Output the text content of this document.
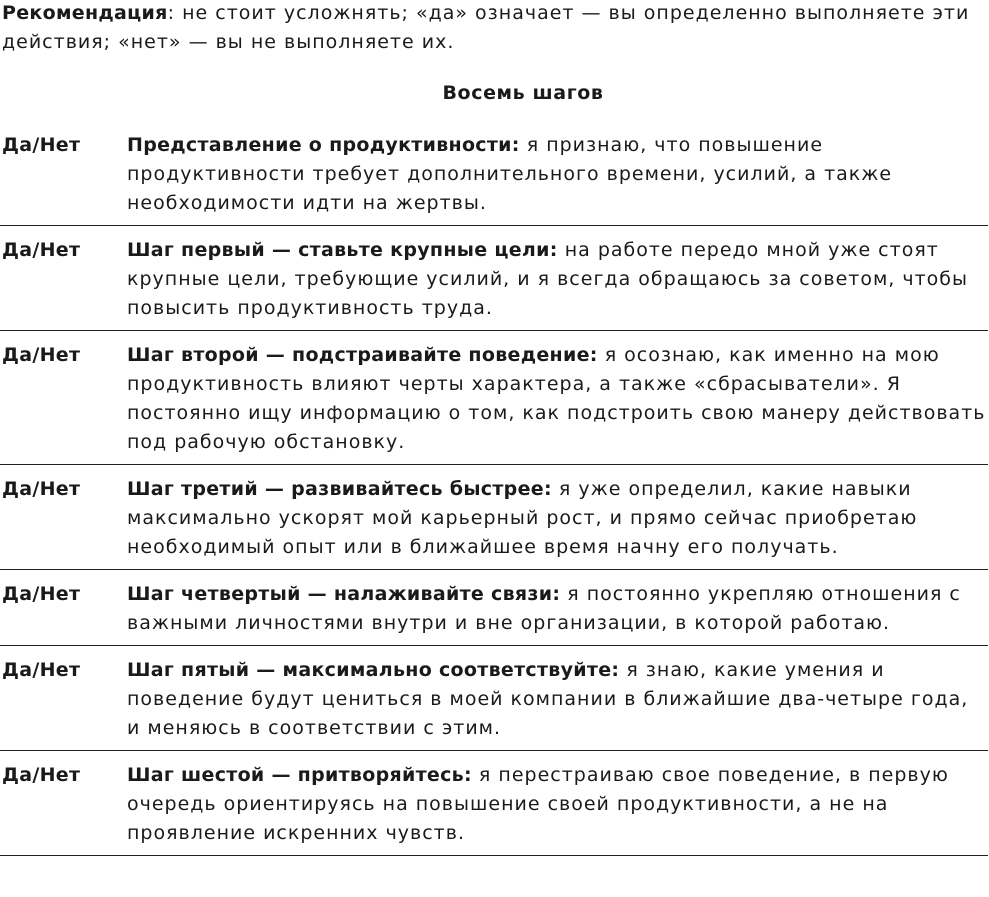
Рекомендация: не стоит усложнять; «да» означает — вы определенно выполняете эти действия; «нет» — вы не выполняете их.
Восемь шагов
Да/Нет	Представление о продуктивности: я признаю, что повышение продуктивности требует дополнительного времени, усилий, а также необходимости идти на жертвы.
Да/Нет	Шаг первый — ставьте крупные цели: на работе передо мной уже стоят крупные цели, требующие усилий, и я всегда обращаюсь за советом, чтобы повысить продуктивность труда.
Да/Нет	Шаг второй — подстраивайте поведение: я осознаю, как именно на мою продуктивность влияют черты характера, а также «сбрасыватели». Я постоянно ищу информацию о том, как подстроить свою манеру действовать под рабочую обстановку.
Да/Нет	Шаг третий — развивайтесь быстрее: я уже определил, какие навыки максимально ускорят мой карьерный рост, и прямо сейчас приобретаю необходимый опыт или в ближайшее время начну его получать.
Да/Нет	Шаг четвертый — налаживайте связи: я постоянно укрепляю отношения с важными личностями внутри и вне организации, в которой работаю.
Да/Нет	Шаг пятый — максимально соответствуйте: я знаю, какие умения и поведение будут цениться в моей компании в ближайшие два-четыре года, и меняюсь в соответствии с этим.
Да/Нет	Шаг шестой — притворяйтесь: я перестраиваю свое поведение, в первую очередь ориентируясь на повышение своей продуктивности, а не на проявление искренних чувств.
